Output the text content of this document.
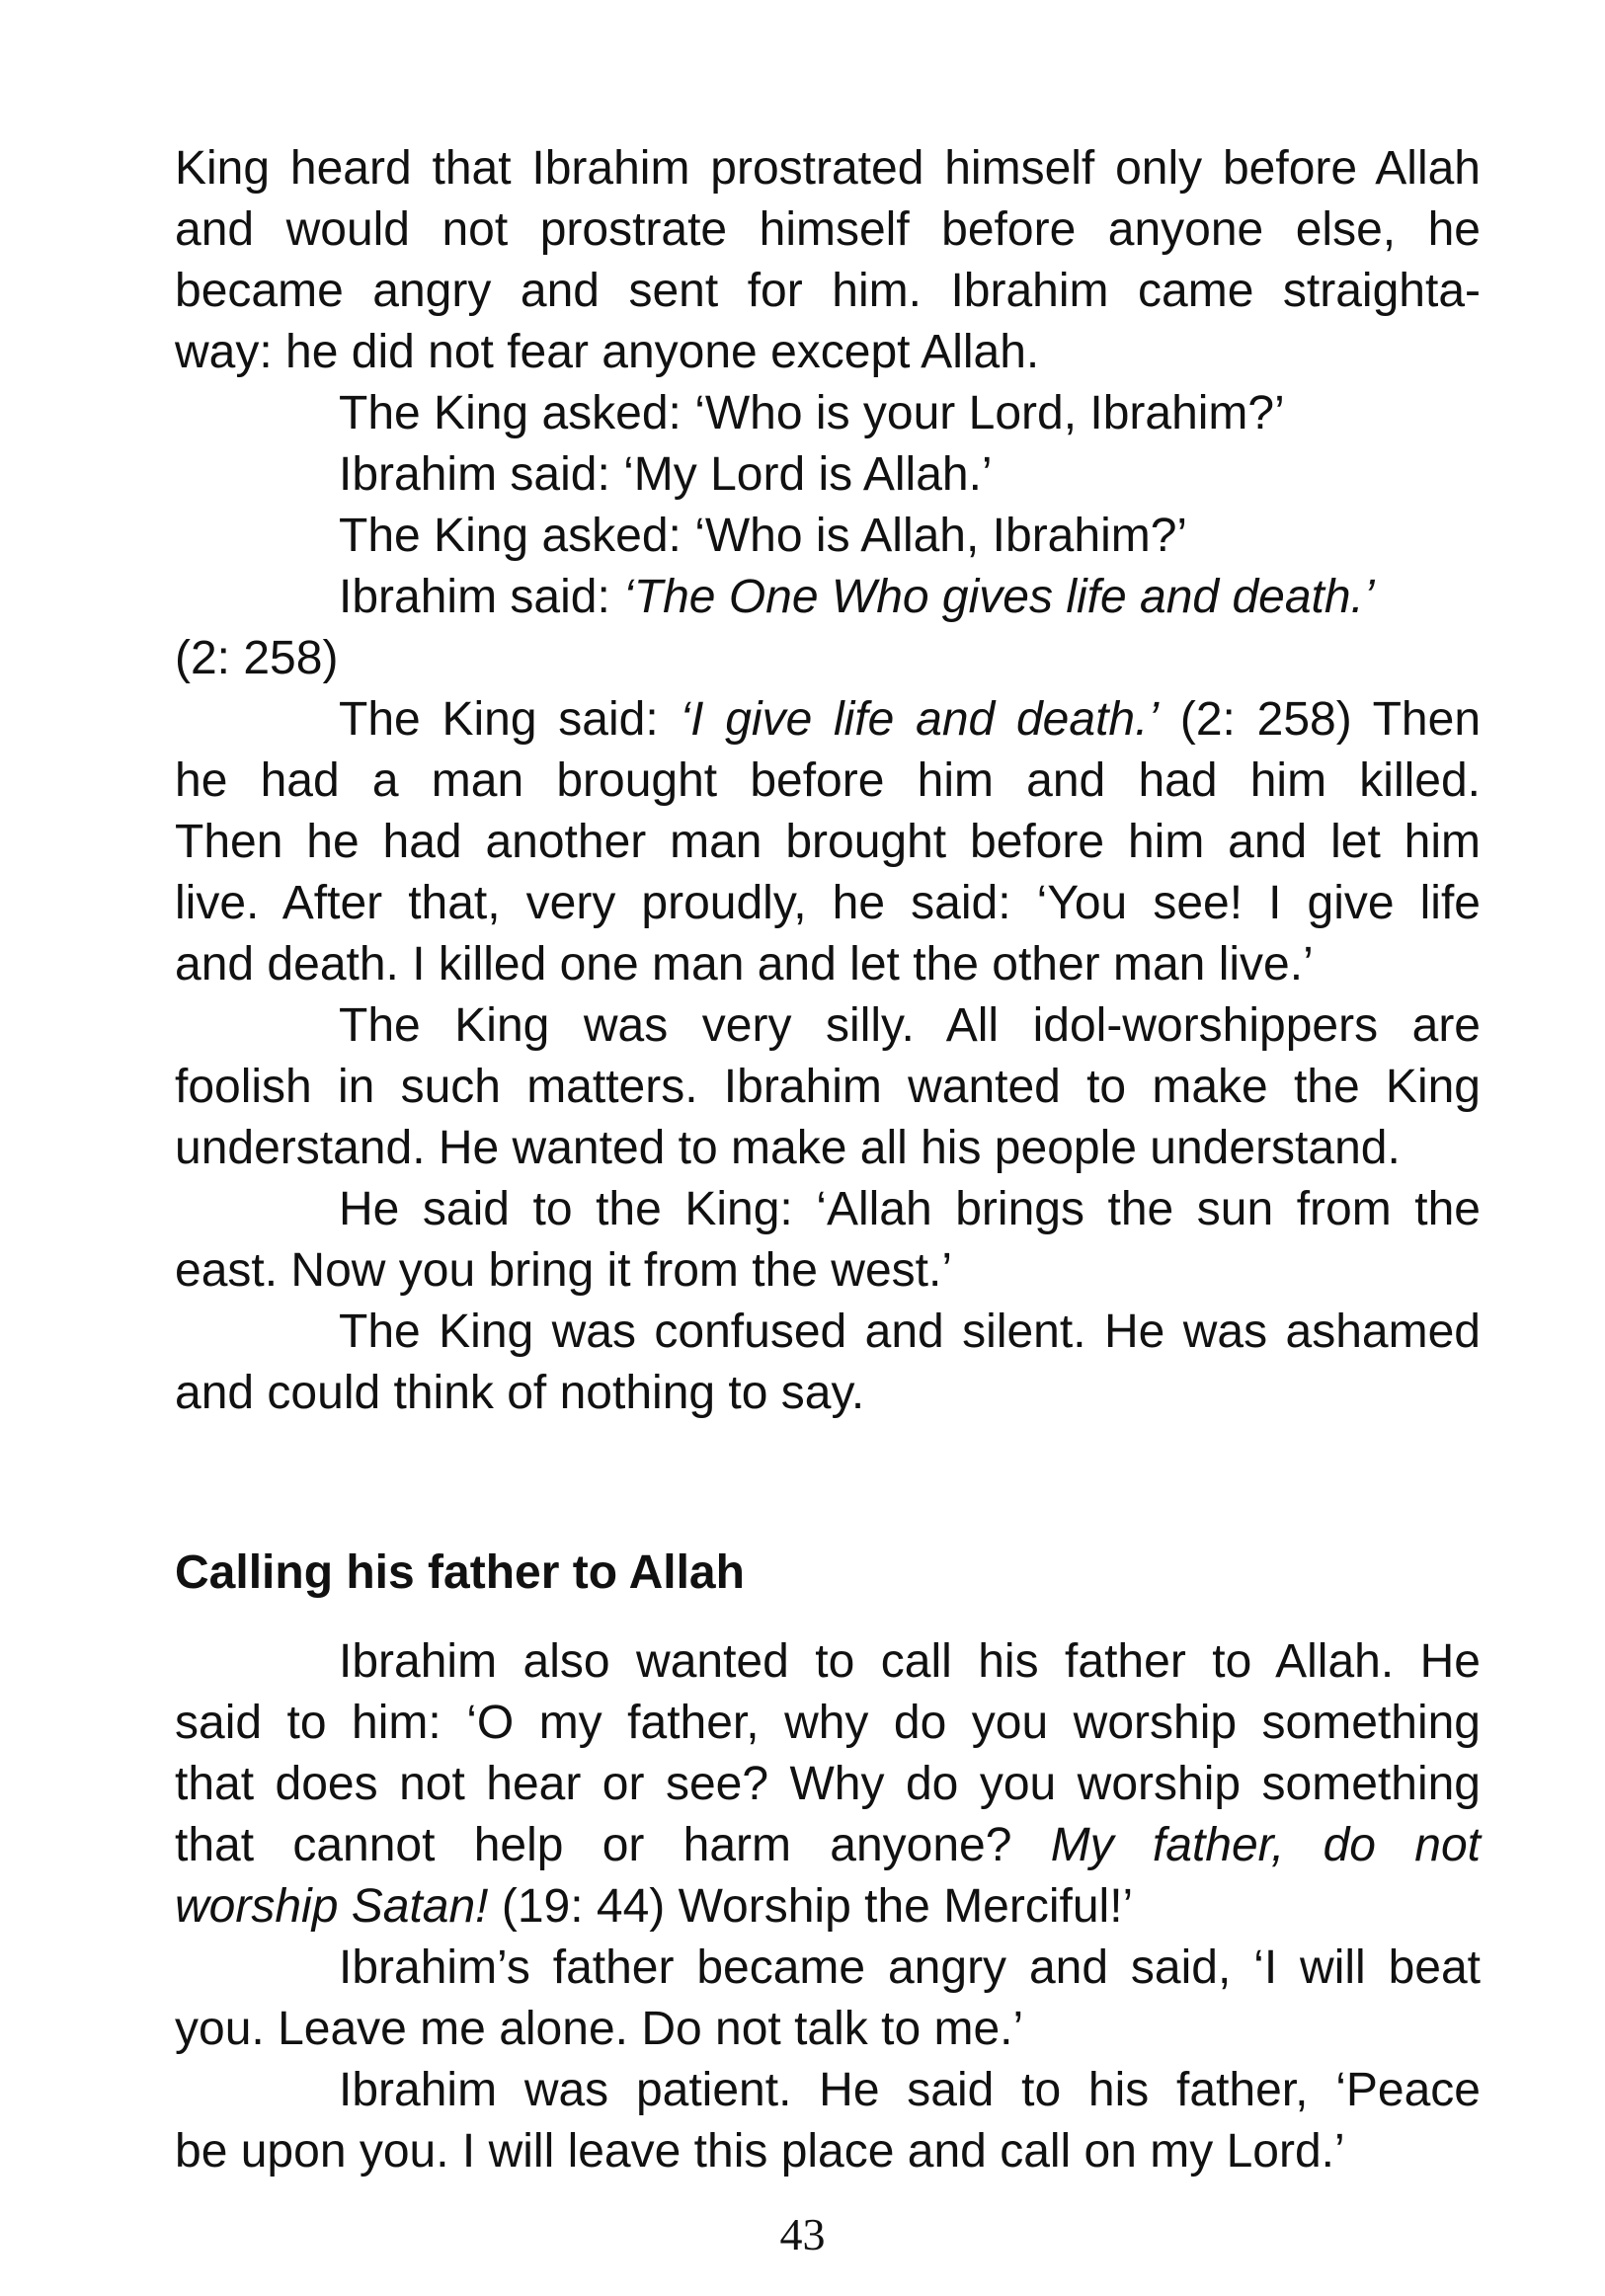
King heard that Ibrahim prostrated himself only before Allah
and would not prostrate himself before anyone else, he
became angry and sent for him. Ibrahim came straighta-
way: he did not fear anyone except Allah.
The King asked: ‘Who is your Lord, Ibrahim?’
Ibrahim said: ‘My Lord is Allah.’
The King asked: ‘Who is Allah, Ibrahim?’
Ibrahim said: ‘The One Who gives life and death.’
(2: 258)
The King said: ‘I give life and death.’ (2: 258) Then
he had a man brought before him and had him killed.
Then he had another man brought before him and let him
live. After that, very proudly, he said: ‘You see! I give life
and death. I killed one man and let the other man live.’
The King was very silly. All idol-worshippers are
foolish in such matters. Ibrahim wanted to make the King
understand. He wanted to make all his people understand.
He said to the King: ‘Allah brings the sun from the
east. Now you bring it from the west.’
The King was confused and silent. He was ashamed
and could think of nothing to say.
Calling his father to Allah
Ibrahim also wanted to call his father to Allah. He
said to him: ‘O my father, why do you worship something
that does not hear or see? Why do you worship something
that cannot help or harm anyone? My father, do not
worship Satan! (19: 44) Worship the Merciful!’
Ibrahim’s father became angry and said, ‘I will beat
you. Leave me alone. Do not talk to me.’
Ibrahim was patient. He said to his father, ‘Peace
be upon you. I will leave this place and call on my Lord.’
43
